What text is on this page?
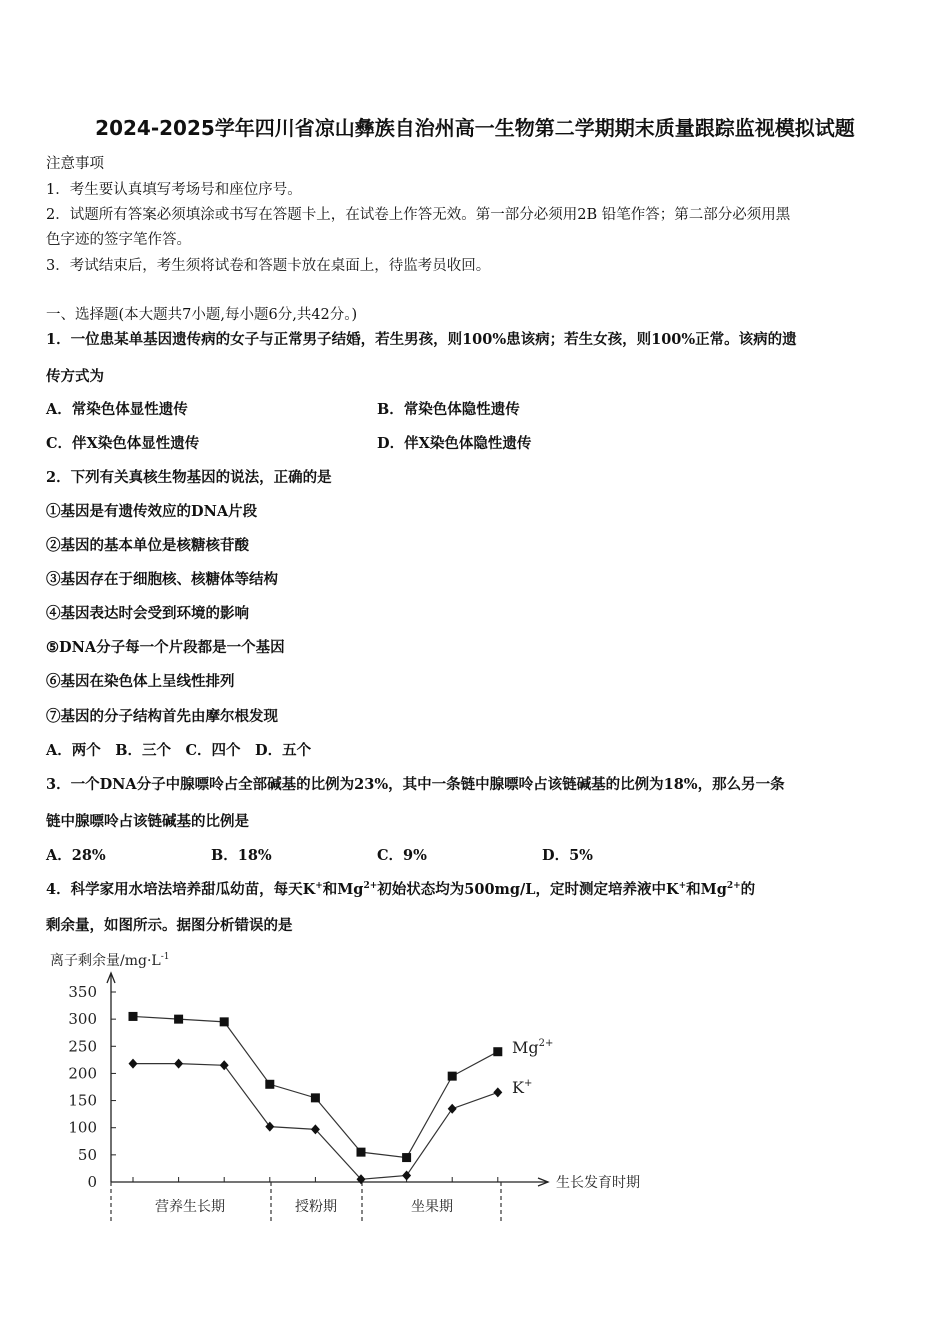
2024-2025学年四川省凉山彝族自治州高一生物第二学期期末质量跟踪监视模拟试题
注意事项
1．考生要认真填写考场号和座位序号。
2．试题所有答案必须填涂或书写在答题卡上，在试卷上作答无效。第一部分必须用2B 铅笔作答；第二部分必须用黑
色字迹的签字笔作答。
3．考试结束后，考生须将试卷和答题卡放在桌面上，待监考员收回。
一、选择题(本大题共7小题,每小题6分,共42分。)
1．一位患某单基因遗传病的女子与正常男子结婚，若生男孩，则100%患该病；若生女孩，则100%正常。该病的遗
传方式为
A．常染色体显性遗传	B．常染色体隐性遗传
C．伴X染色体显性遗传	D．伴X染色体隐性遗传
2．下列有关真核生物基因的说法，正确的是
①基因是有遗传效应的DNA片段
②基因的基本单位是核糖核苷酸
③基因存在于细胞核、核糖体等结构
④基因表达时会受到环境的影响
⑤DNA分子每一个片段都是一个基因
⑥基因在染色体上呈线性排列
⑦基因的分子结构首先由摩尔根发现
A．两个　B．三个　C．四个　D．五个
3．一个DNA分子中腺嘌呤占全部碱基的比例为23%，其中一条链中腺嘌呤占该链碱基的比例为18%，那么另一条
链中腺嘌呤占该链碱基的比例是
A．28%	B．18%	C．9%	D．5%
4．科学家用水培法培养甜瓜幼苗，每天K+和$Mg^{2+}$初始状态均为500mg/L，定时测定培养液中K+和$Mg^{2+}$的
剩余量，如图所示。据图分析错误的是
离子剩余量$/mg\cdot L^{-1}$
生长发育时期
0
50
100
150
200
250
300
350
营养生长期	授粉期	坐果期
$Mg^{2+}$
K+
